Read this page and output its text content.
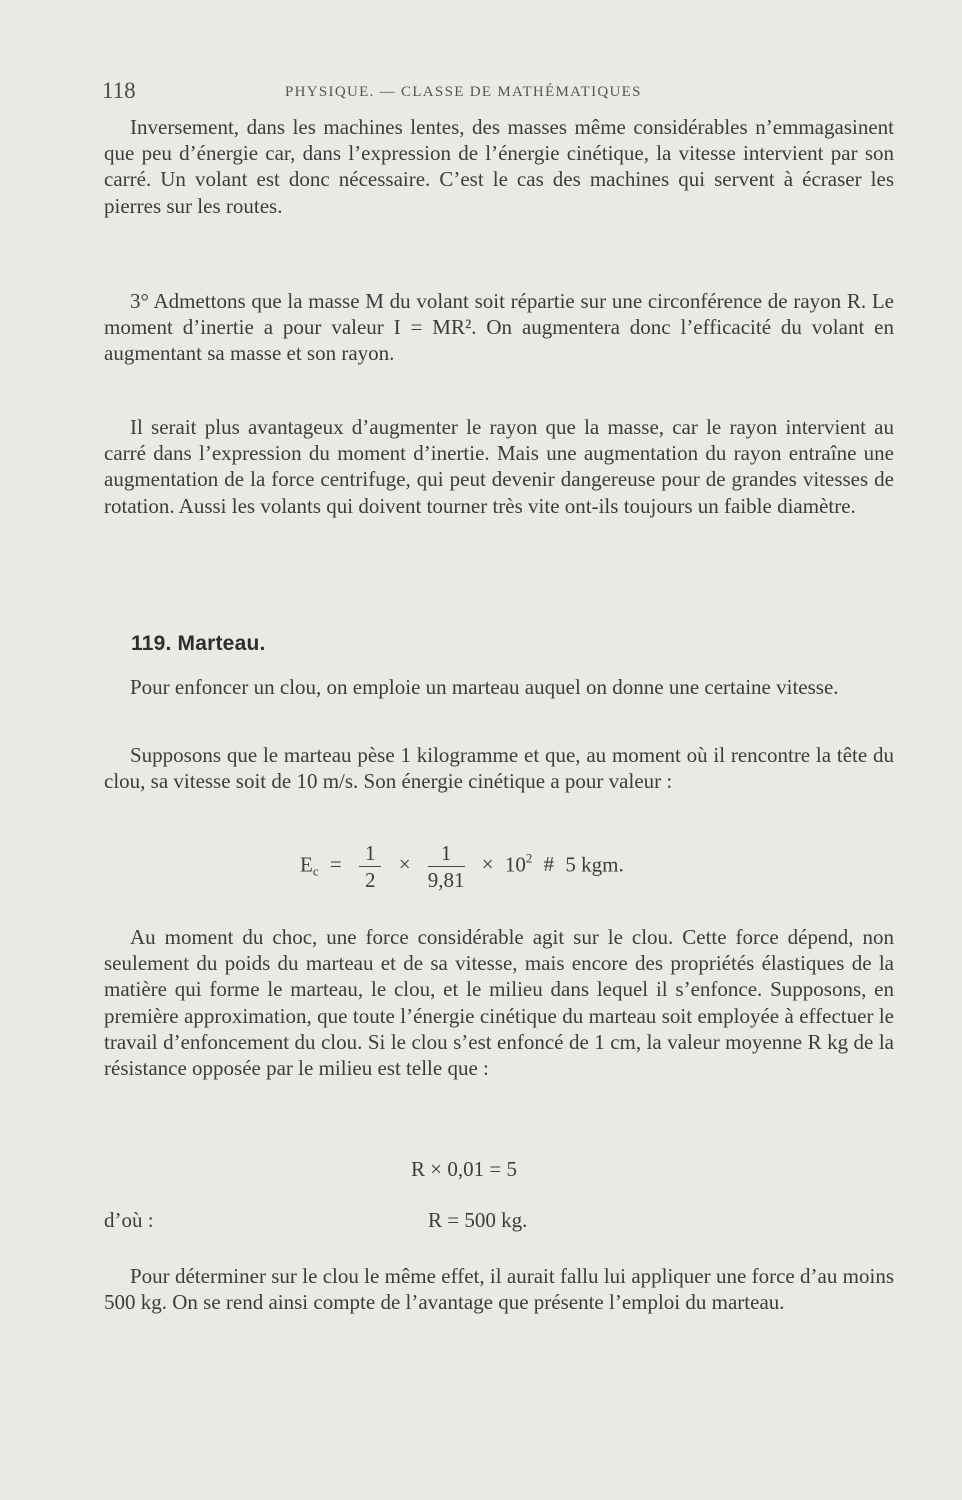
118	PHYSIQUE. — CLASSE DE MATHÉMATIQUES

Inversement, dans les machines lentes, des masses même considérables n’emmagasinent que peu d’énergie car, dans l’expression de l’énergie cinétique, la vitesse intervient par son carré. Un volant est donc nécessaire. C’est le cas des machines qui servent à écraser les pierres sur les routes.

3° Admettons que la masse M du volant soit répartie sur une circonférence de rayon R. Le moment d’inertie a pour valeur I = MR². On augmentera donc l’efficacité du volant en augmentant sa masse et son rayon.

Il serait plus avantageux d’augmenter le rayon que la masse, car le rayon intervient au carré dans l’expression du moment d’inertie. Mais une augmentation du rayon entraîne une augmentation de la force centrifuge, qui peut devenir dangereuse pour de grandes vitesses de rotation. Aussi les volants qui doivent tourner très vite ont-ils toujours un faible diamètre.

119. Marteau.

Pour enfoncer un clou, on emploie un marteau auquel on donne une certaine vitesse.

Supposons que le marteau pèse 1 kilogramme et que, au moment où il rencontre la tête du clou, sa vitesse soit de 10 m/s. Son énergie cinétique a pour valeur :

$E_c = \frac{1}{2} \times \frac{1}{9,81} \times 10^2$ # 5 kgm.

Au moment du choc, une force considérable agit sur le clou. Cette force dépend, non seulement du poids du marteau et de sa vitesse, mais encore des propriétés élastiques de la matière qui forme le marteau, le clou, et le milieu dans lequel il s’enfonce. Supposons, en première approximation, que toute l’énergie cinétique du marteau soit employée à effectuer le travail d’enfoncement du clou. Si le clou s’est enfoncé de 1 cm, la valeur moyenne R kg de la résistance opposée par le milieu est telle que :

R × 0,01 = 5
d’où :	R = 500 kg.

Pour déterminer sur le clou le même effet, il aurait fallu lui appliquer une force d’au moins 500 kg. On se rend ainsi compte de l’avantage que présente l’emploi du marteau.
